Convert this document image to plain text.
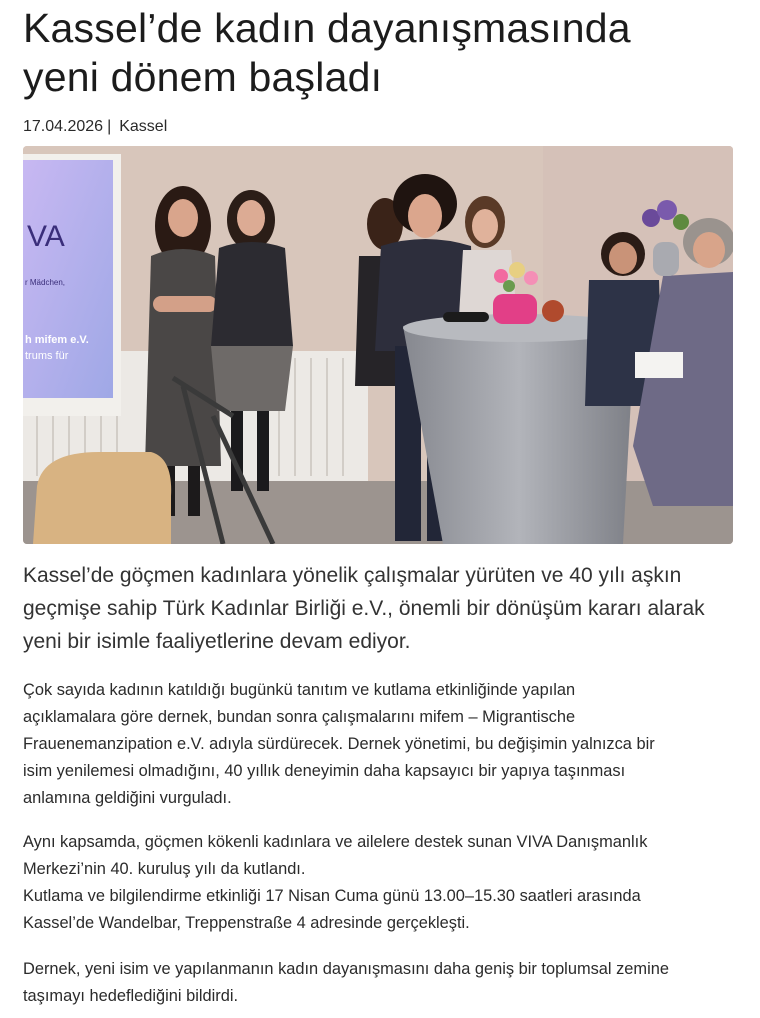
Kassel’de kadın dayanışmasında
yeni dönem başladı
17.04.2026 | Kassel
VA
r Mädchen,
h mifem e.V.
trums für

Kassel’de göçmen kadınlara yönelik çalışmalar yürüten ve 40 yılı aşkın
geçmişe sahip Türk Kadınlar Birliği e.V., önemli bir dönüşüm kararı alarak
yeni bir isimle faaliyetlerine devam ediyor.

Çok sayıda kadının katıldığı bugünkü tanıtım ve kutlama etkinliğinde yapılan
açıklamalara göre dernek, bundan sonra çalışmalarını mifem – Migrantische
Frauenemanzipation e.V. adıyla sürdürecek. Dernek yönetimi, bu değişimin yalnızca bir
isim yenilemesi olmadığını, 40 yıllık deneyimin daha kapsayıcı bir yapıya taşınması
anlamına geldiğini vurguladı.

Aynı kapsamda, göçmen kökenli kadınlara ve ailelere destek sunan VIVA Danışmanlık
Merkezi’nin 40. kuruluş yılı da kutlandı.
Kutlama ve bilgilendirme etkinliği 17 Nisan Cuma günü 13.00–15.30 saatleri arasında
Kassel’de Wandelbar, Treppenstraße 4 adresinde gerçekleşti.

Dernek, yeni isim ve yapılanmanın kadın dayanışmasını daha geniş bir toplumsal zemine
taşımayı hedeflediğini bildirdi.
